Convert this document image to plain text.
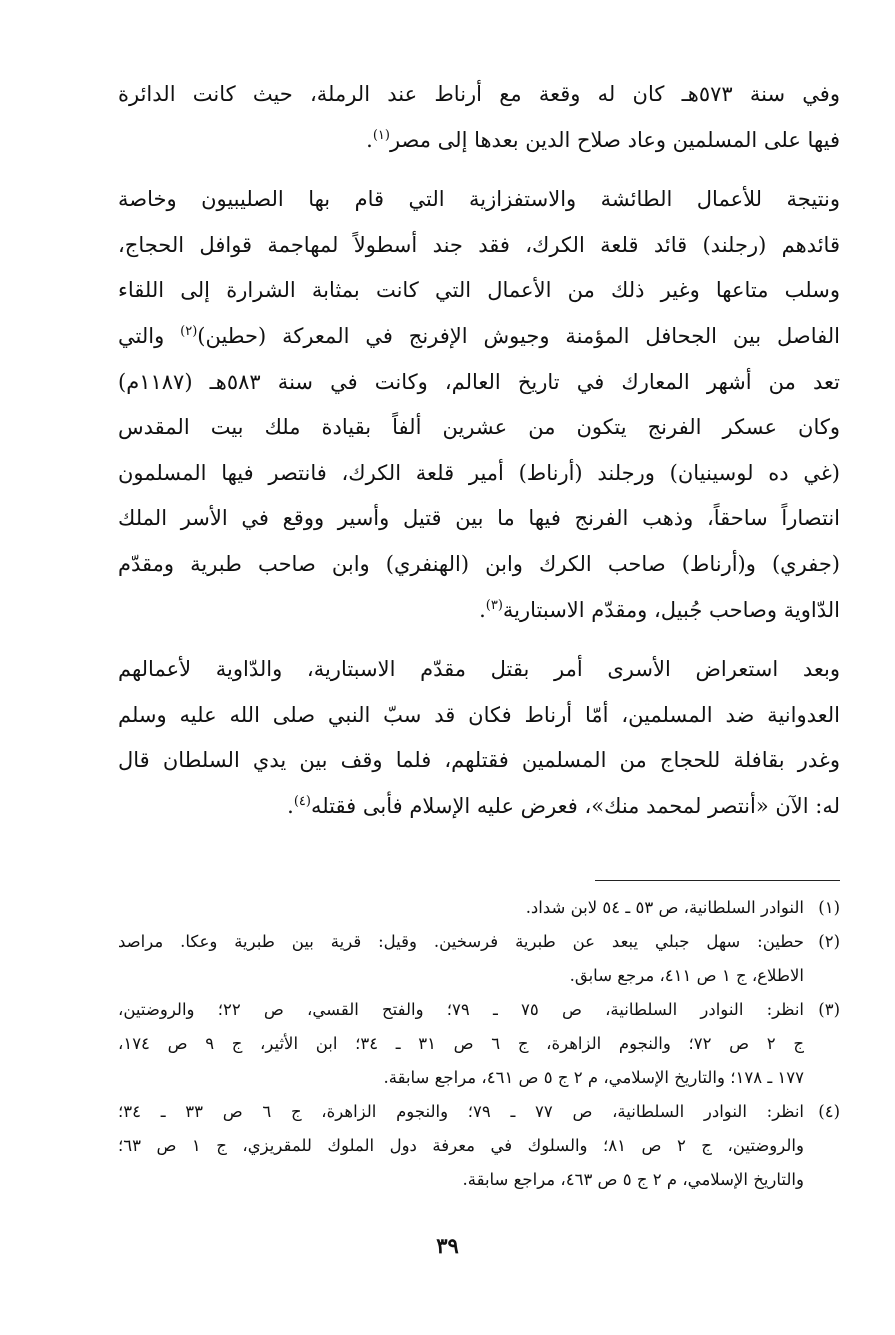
وفي سنة ٥٧٣هـ كان له وقعة مع أرناط عند الرملة، حيث كانت الدائرة
فيها على المسلمين وعاد صلاح الدين بعدها إلى مصر$^{(١)}$.

ونتيجة للأعمال الطائشة والاستفزازية التي قام بها الصليبيون وخاصة
قائدهم (رجلند) قائد قلعة الكرك، فقد جند أسطولاً لمهاجمة قوافل الحجاج،
وسلب متاعها وغير ذلك من الأعمال التي كانت بمثابة الشرارة إلى اللقاء
الفاصل بين الجحافل المؤمنة وجيوش الإفرنج في المعركة (حطين)$^{(٢)}$ والتي
تعد من أشهر المعارك في تاريخ العالم، وكانت في سنة ٥٨٣هـ (١١٨٧م)
وكان عسكر الفرنج يتكون من عشرين ألفاً بقيادة ملك بيت المقدس
(غي ده لوسينيان) ورجلند (أرناط) أمير قلعة الكرك، فانتصر فيها المسلمون
انتصاراً ساحقاً، وذهب الفرنج فيها ما بين قتيل وأسير ووقع في الأسر الملك
(جفري) و(أرناط) صاحب الكرك وابن (الهنفري) وابن صاحب طبرية ومقدّم
الدّاوية وصاحب جُبيل، ومقدّم الاسبتارية$^{(٣)}$.

وبعد استعراض الأسرى أمر بقتل مقدّم الاسبتارية، والدّاوية لأعمالهم
العدوانية ضد المسلمين، أمّا أرناط فكان قد سبّ النبي صلى الله عليه وسلم
وغدر بقافلة للحجاج من المسلمين فقتلهم، فلما وقف بين يدي السلطان قال
له: الآن «أنتصر لمحمد منك»، فعرض عليه الإسلام فأبى فقتله$^{(٤)}$.

(١)
النوادر السلطانية، ص ٥٣ ـ ٥٤ لابن شداد.

(٢)
حطين: سهل جبلي يبعد عن طبرية فرسخين. وقيل: قرية بين طبرية وعكا. مراصد
الاطلاع، ج ١ ص ٤١١، مرجع سابق.

(٣)
انظر: النوادر السلطانية، ص ٧٥ ـ ٧٩؛ والفتح القسي، ص ٢٢؛ والروضتين،
ج ٢ ص ٧٢؛ والنجوم الزاهرة، ج ٦ ص ٣١ ـ ٣٤؛ ابن الأثير، ج ٩ ص ١٧٤،
١٧٧ ـ ١٧٨؛ والتاريخ الإسلامي، م ٢ ج ٥ ص ٤٦١، مراجع سابقة.

(٤)
انظر: النوادر السلطانية، ص ٧٧ ـ ٧٩؛ والنجوم الزاهرة، ج ٦ ص ٣٣ ـ ٣٤؛
والروضتين، ج ٢ ص ٨١؛ والسلوك في معرفة دول الملوك للمقريزي، ج ١ ص ٦٣؛
والتاريخ الإسلامي، م ٢ ج ٥ ص ٤٦٣، مراجع سابقة.

٣٩
